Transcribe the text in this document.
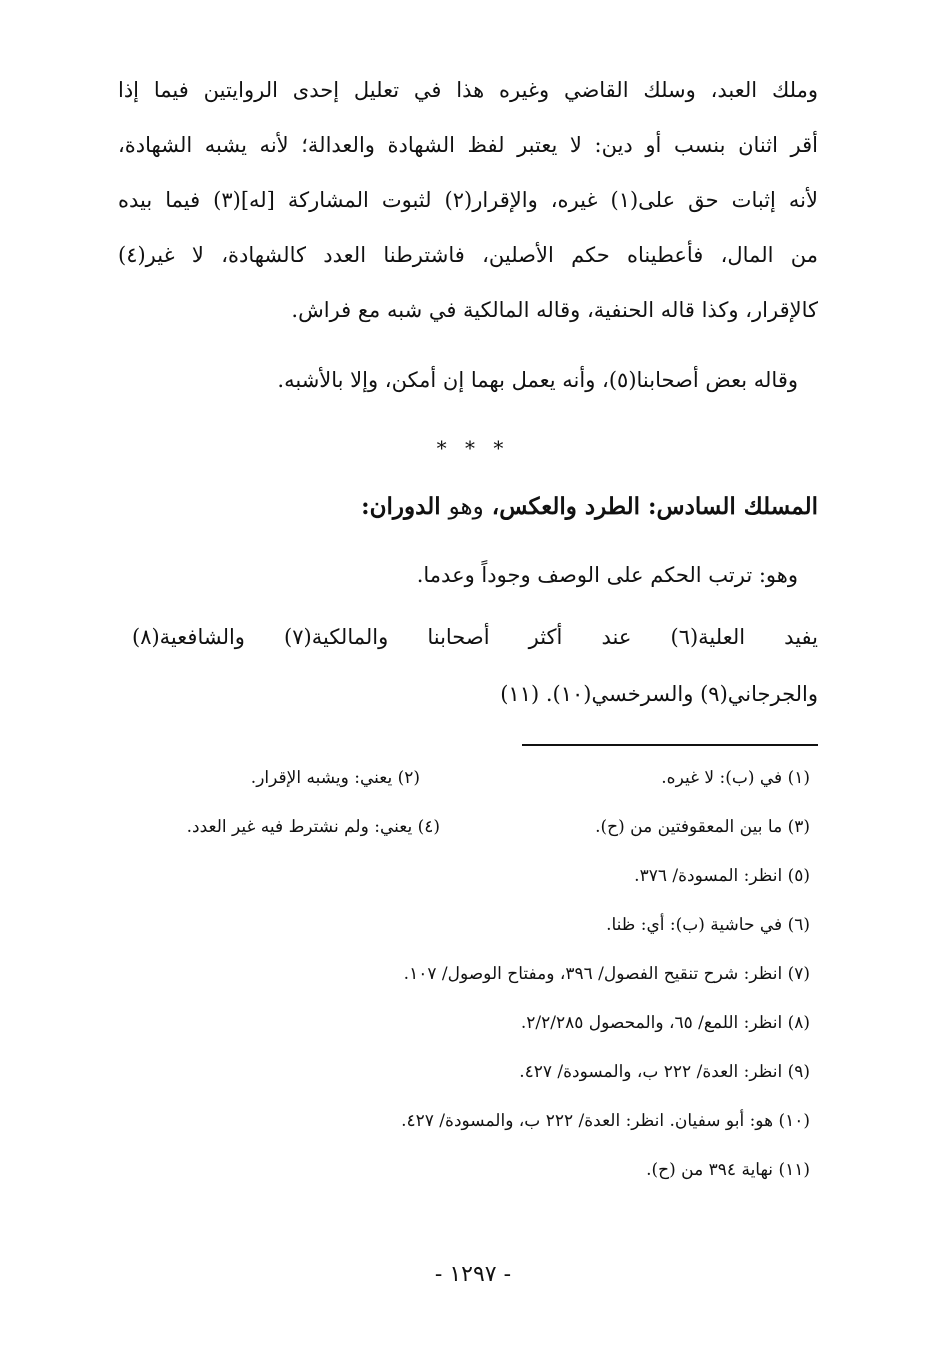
وملك العبد، وسلك القاضي وغيره هذا في تعليل إحدى الروايتين فيما إذا
أقر اثنان بنسب أو دين: لا يعتبر لفظ الشهادة والعدالة؛ لأنه يشبه الشهادة،
لأنه إثبات حق على(١) غيره، والإقرار(٢) لثبوت المشاركة [له](٣) فيما بيده
من المال، فأعطيناه حكم الأصلين، فاشترطنا العدد كالشهادة، لا غير(٤)
كالإقرار، وكذا قاله الحنفية، وقاله المالكية في شبه مع فراش.
وقاله بعض أصحابنا(٥)، وأنه يعمل بهما إن أمكن، وإلا بالأشبه.
* * *
المسلك السادس: الطرد والعكس، وهو الدوران:
وهو: ترتب الحكم على الوصف وجوداً وعدما.
يفيد العلية(٦) عند أكثر أصحابنا والمالكية(٧) والشافعية(٨)
والجرجاني(٩) والسرخسي(١٠). (١١)
(١) في (ب): لا غيره.
(٢) يعني: ويشبه الإقرار.
(٣) ما بين المعقوفتين من (ح).
(٤) يعني: ولم نشترط فيه غير العدد.
(٥) انظر: المسودة/ ٣٧٦.
(٦) في حاشية (ب): أي: ظنا.
(٧) انظر: شرح تنقيح الفصول/ ٣٩٦، ومفتاح الوصول/ ١٠٧.
(٨) انظر: اللمع/ ٦٥، والمحصول ٢/٢/٢٨٥.
(٩) انظر: العدة/ ٢٢٢ ب، والمسودة/ ٤٢٧.
(١٠) هو: أبو سفيان. انظر: العدة/ ٢٢٢ ب، والمسودة/ ٤٢٧.
(١١) نهاية ٣٩٤ من (ح).
- ١٢٩٧ -
